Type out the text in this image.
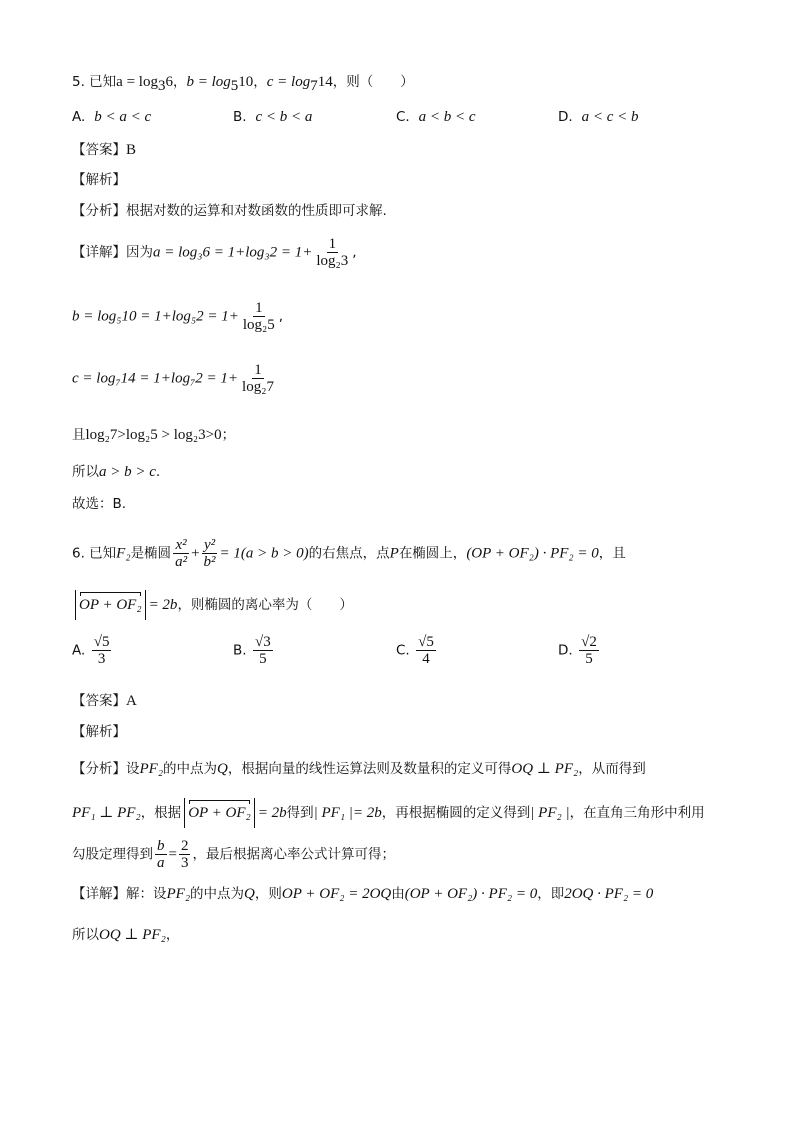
5. 已知$a = \log_36$，$b = \log_510$，$c = \log_714$，则（　　）
A. b < a < c	B. c < b < a	C. a < b < c	D. a < c < b
【答案】B
【解析】
【分析】根据对数的运算和对数函数的性质即可求解.
【详解】因为$a = \log_36 = 1+\log_32 = 1+ \frac{1}{\text{log₂3}}$ ,
$b = \log_510 = 1+\log_52 = 1+ \frac{1}{\text{log₂5}}$ ,
$c = \log_714 = 1+\log_72 = 1+ \frac{1}{\text{log₂7}}$
且log₂7>log₂5 > log₂3>0；
所以a > b > c.
故选：B.
6. 已知F₂是椭圆 $\frac{\text{x²}}{\text{a²}} + \frac{\text{y²}}{\text{b²}} = 1(a > b > 0)$的右焦点，点P在椭圆上，(OP + OF₂) · PF₂ = 0，且
OP + OF₂ = 2b，则椭圆的离心率为（　　）
A. $\frac{√5}{3}$	B. $\frac{√3}{5}$	C. $\frac{√5}{4}$	D. $\frac{√2}{5}$
【答案】A
【解析】
【分析】设PF₂的中点为Q，根据向量的线性运算法则及数量积的定义可得OQ ⊥ PF₂，从而得到
PF₁ ⊥ PF₂，根据 OP + OF₂ = 2b得到| PF₁ |= 2b，再根据椭圆的定义得到| PF₂ |，在直角三角形中利用
勾股定理得到 $\frac{b}{a} = \frac{2}{3}$ ，最后根据离心率公式计算可得；
【详解】解：设PF₂的中点为Q，则OP + OF₂ = 2OQ由(OP + OF₂) · PF₂ = 0，即2OQ · PF₂ = 0
所以OQ ⊥ PF₂，
